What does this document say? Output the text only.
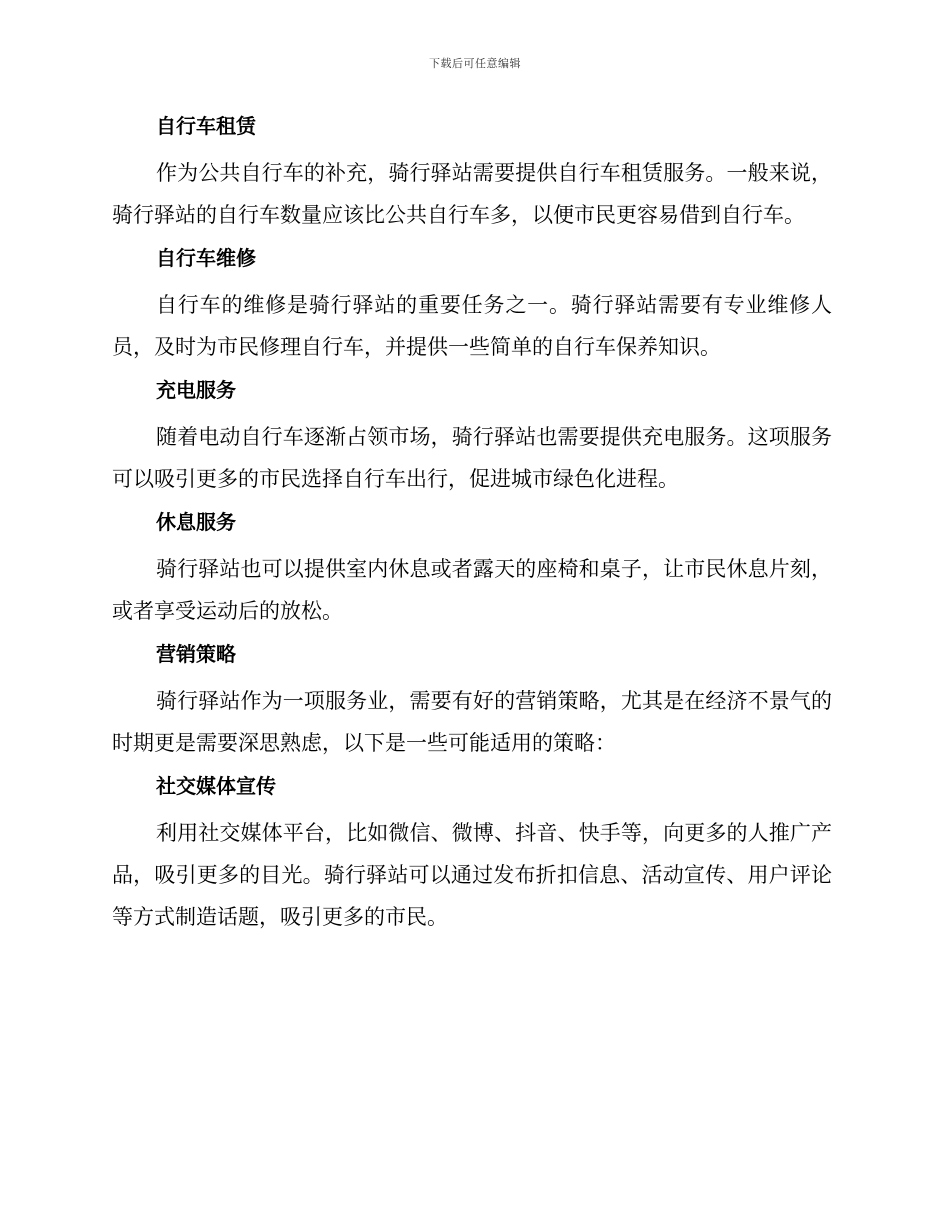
下载后可任意编辑
自行车租赁

作为公共自行车的补充，骑行驿站需要提供自行车租赁服务。一般来说，骑行驿站的自行车数量应该比公共自行车多，以便市民更容易借到自行车。

自行车维修

自行车的维修是骑行驿站的重要任务之一。骑行驿站需要有专业维修人员，及时为市民修理自行车，并提供一些简单的自行车保养知识。

充电服务

随着电动自行车逐渐占领市场，骑行驿站也需要提供充电服务。这项服务可以吸引更多的市民选择自行车出行，促进城市绿色化进程。

休息服务

骑行驿站也可以提供室内休息或者露天的座椅和桌子，让市民休息片刻，或者享受运动后的放松。

营销策略

骑行驿站作为一项服务业，需要有好的营销策略，尤其是在经济不景气的时期更是需要深思熟虑，以下是一些可能适用的策略：

社交媒体宣传

利用社交媒体平台，比如微信、微博、抖音、快手等，向更多的人推广产品，吸引更多的目光。骑行驿站可以通过发布折扣信息、活动宣传、用户评论等方式制造话题，吸引更多的市民。
